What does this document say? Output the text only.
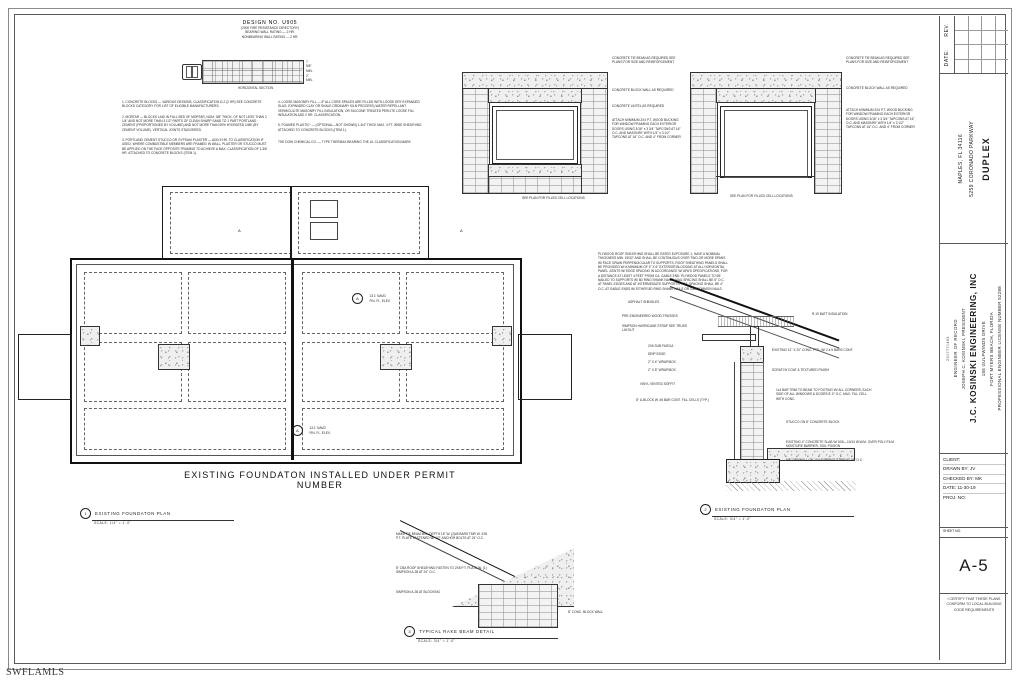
REV.
DATE:
NAPLES, FL 34116	5259 CORONADO PARKWAY DUPLEX
2307771465 ENGINEER OF RECORD JOSEPH C. KOSINSKI, PRESIDENT J.C. KOSINSKI ENGINEERING, INC 155 GULFWINDS DRIVE FORT MYERS BEACH, FLORIDA PROFESSIONAL ENGINEER LICENSE NUMBER 52288
CLIENT:
DRAWN BY: JV
CHECKED BY: MK
DATE: 11-30-19
PROJ. NO:
SHEET NO.
A-5
I CERTIFY THAT THESE PLANS CONFORM TO LOCAL BUILDING CODE REQUIREMENTS
DESIGN NO. U905
(2000 FIRE RESISTANCE DIRECTORY)
BEARING WALL RATING — 2 HR.
NONBEARING WALL RATING — 2 HR.
7 5/8" MIN.
2" MIN.
HORIZONTAL SECTION

1. CONCRETE BLOCKS — VARIOUS DESIGNS, CLASSIFICATION D-2 (2 HR) SEE CONCRETE BLOCKS CATEGORY FOR LIST OF ELIGIBLE MANUFACTURERS.

2. MORTAR — BLOCKS LAID IN FULL BED OF MORTAR, NOM. 3/8" THICK, OF NOT LESS THAN 2 1/4" AND NOT MORE THAN 3 1/2" PARTS OF CLEAN SHARP SAND TO 1 PART PORTLAND CEMENT (PROPORTIONED BY VOLUME) AND NOT MORE THAN 50% HYDRATED LIME (BY CEMENT VOLUME). VERTICAL JOINTS STAGGERED.

3. PORTLAND CEMENT STUCCO OR GYPSUM PLASTER — ADD 5 HR. TO CLASSIFICATION IF USED. WHERE COMBUSTIBLE MEMBERS ARE FRAMED IN WALL, PLASTER OR STUCCO MUST BE APPLIED ON THE FACE OPPOSITE FRAMING TO ACHIEVE A MAX. CLASSIFICATION OF 1-3/8 HR. ATTACHED TO CONCRETE BLOCKS (ITEM 1).

4. LOOSE MASONRY FILL — IF ALL CORE SPACES ARE FILLED WITH LOOSE DRY EXPANDED SLAG, EXPANDED CLAY OR SHALE ORDINARY KILN PROCESS) WATER REPELLANT VERMICULITE MASONRY FILL INSULATION, OR SILICONE TREATED PERLITE LOOSE FILL INSULATION ADD 2 HR. CLASSIFICATION.

5. FOAMED PLASTIC* — (OPTIONAL—NOT SHOWN) 1-3/4" THICK MAX. 4 FT. WIDE SHEATHING ATTACHED TO CONCRETE BLOCKS (ITEM 1).

THE DOW CHEMICAL CO. — TYPE THERMAX BEARING THE UL CLASSIFICATION MARK

CONCRETE TIE BEAM AS REQUIRED SEE PLANS FOR SIZE AND REINFORCEMENT
CONCRETE BLOCK WALL AS REQUIRED
CONCRETE LINTEL AS REQUIRED
ATTACH MINIMUM 2X4 P.T. WOOD BUCKING FOR WINDOW FRAMING EACH EXTERIOR DOORS USING 3/16" x 3 3/4" TAPCONS AT 16" O.C. AND MASONRY WITH 1/4" x 3 1/2" TAPCONS AT 16" O.C. AND 4" FROM CORNER
SEE PLAN FOR FILLED CELL LOCATIONS
CONCRETE TIE BEAM AS REQUIRED SEE PLANS FOR SIZE AND REINFORCEMENT
CONCRETE BLOCK WALL AS REQUIRED
ATTACH MINIMUM 2X4 P.T. WOOD BUCKING FOR WINDOW FRAMING EACH EXTERIOR DOORS USING 3/16" x 3 3/4" TAPCONS AT 16" O.C. AND MASONRY WITH 1/4" x 3 1/2" TAPCONS AT 16" O.C. AND 4" FROM CORNER
SEE PLAN FOR FILLED CELL LOCATIONS
A	13.1' NAVD
FIN. FL. ELEV.
A	13.1' NAVD
FIN. FL. ELEV.
A	A
EXISTING FOUNDATON INSTALLED UNDER PERMIT NUMBER
1	EXISTING FOUNDATON PLAN
SCALE: 1/4" = 1'-0"
PLYWOOD ROOF SHEATHING SHALL BE RATED EXPOSURE 1, HAVE A NOMINAL THICKNESS MIN. 19/32" AND SHALL BE CONTINUOUS OVER TWO OR MORE SPANS W/ FACE GRAIN PERPENDICULAR TO SUPPORTS. ROOF SHEATHING PANELS SHALL BE PROVIDED W/ A MINIMUM OF 3" X 6" EXTERIOR BLOCKING AT ALL HORIZONTAL PANEL JOINTS W/ EDGE SPACING IN ACCORDANCE W/ APA'S SPECIFICATIONS, FOR A DISTANCE AT LEAST 4 FEET FROM CA. GABLE END. PLYWOOD PANELS TO BE NAILED TO SUPPORTS W/ 8D RING SHANK NAILS. NAIL SPACING SHALL BE 6" O.C. AT PANEL EDGES AND AT INTERMEDIATE SUPPORTS. NAIL SPACING SHALL BE 4" O.C. AT GABLE ENDS W/ EITHER 8D RING SHANK NAILS OR 10D COMMON NAILS.
ASPHALT SHINGLES
PRE-ENGINEERED WOOD TRUSSES
SIMPSON HURRICANE STRAP SEE TRUSS LAYOUT
2X6 SUB FASCIA
DRIP EDGE
2" X 4" WRAP/BOX
2" X 8" WRAP/BOX
VINYL VENTED SOFFIT
8" U-BLOCK W. #5 BAR CONT. FILL CELLS (TYP.)
R-19 BATT INSULATION
EXISTING 12" X 20" CONC. FTG. W/ 2 # 5 BARS CONT.
SCRATCH COAT & TEXTURED FINISH
1x4 BAR TRIM TO BEAM TO FOOTING W/ ALL CORNERS, EACH SIDE OF ALL WINDOWS & DOORS 8'-0" O.C. MAX. FILL CELL WITH CONC.
STUCCO ON 8" CONCRETE BLOCK
EXISTING 4" CONCRETE SLAB W/ 6X6—10/10 W.W.M. OVER POLY-FILM MOISTURE BARRIER, SOIL POISON
5/8" DRYWALL ON 1X4 FURRING STRIP AT 16" O.C.
2	EXISTING FOUNDATON PLAN
SCALE: 3/4" = 1'-0"
MAKE TIE BEAM MIN. DEPTH 16" W. (2)#5 BARS TMR W. 2X8 P.T. PLATE FASTENED W/ 1/2" ANCHOR BOLTS AT 24" O.C.
8" CBA ROOF SHEATHING FASTEN TO 2X8 P.T. PLATE W. (1) SIMPSON A-35 AT 24" O.C.
SIMPSON A-35 AT BLOCKING
8" CONC. BLOCK WALL
3	TYPICAL RAKE BEAM DETAIL
SCALE: 3/4" = 1'-0"
SWFLAMLS
